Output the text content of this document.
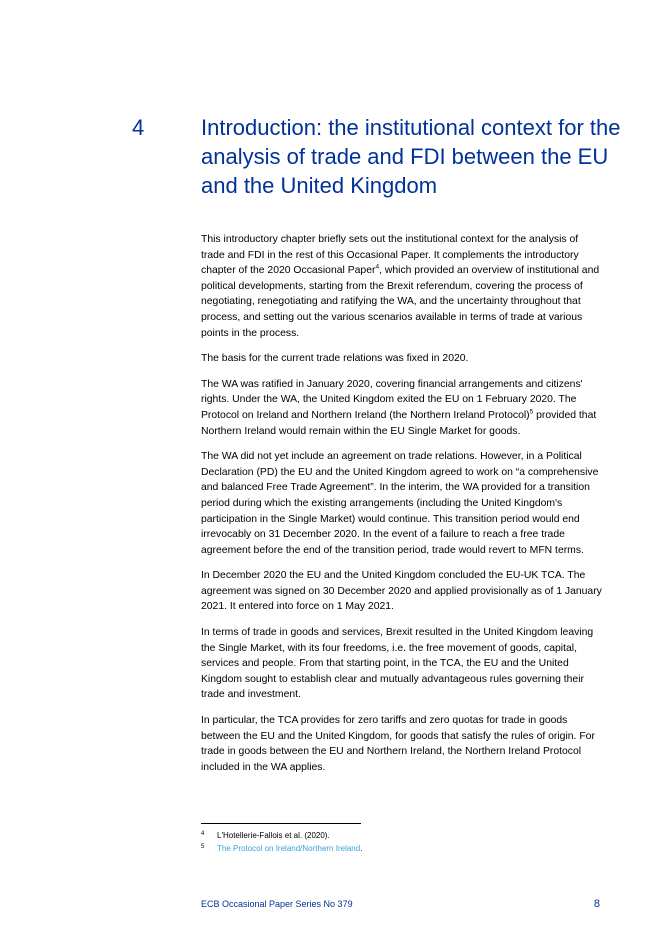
4	Introduction: the institutional context for the analysis of trade and FDI between the EU and the United Kingdom

This introductory chapter briefly sets out the institutional context for the analysis of trade and FDI in the rest of this Occasional Paper. It complements the introductory chapter of the 2020 Occasional Paper$^4$, which provided an overview of institutional and political developments, starting from the Brexit referendum, covering the process of negotiating, renegotiating and ratifying the WA, and the uncertainty throughout that process, and setting out the various scenarios available in terms of trade at various points in the process.

The basis for the current trade relations was fixed in 2020.

The WA was ratified in January 2020, covering financial arrangements and citizens' rights. Under the WA, the United Kingdom exited the EU on 1 February 2020. The Protocol on Ireland and Northern Ireland (the Northern Ireland Protocol)$^5$ provided that Northern Ireland would remain within the EU Single Market for goods.

The WA did not yet include an agreement on trade relations. However, in a Political Declaration (PD) the EU and the United Kingdom agreed to work on “a comprehensive and balanced Free Trade Agreement”. In the interim, the WA provided for a transition period during which the existing arrangements (including the United Kingdom's participation in the Single Market) would continue. This transition period would end irrevocably on 31 December 2020. In the event of a failure to reach a free trade agreement before the end of the transition period, trade would revert to MFN terms.

In December 2020 the EU and the United Kingdom concluded the EU-UK TCA. The agreement was signed on 30 December 2020 and applied provisionally as of 1 January 2021. It entered into force on 1 May 2021.

In terms of trade in goods and services, Brexit resulted in the United Kingdom leaving the Single Market, with its four freedoms, i.e. the free movement of goods, capital, services and people. From that starting point, in the TCA, the EU and the United Kingdom sought to establish clear and mutually advantageous rules governing their trade and investment.

In particular, the TCA provides for zero tariffs and zero quotas for trade in goods between the EU and the United Kingdom, for goods that satisfy the rules of origin. For trade in goods between the EU and Northern Ireland, the Northern Ireland Protocol included in the WA applies.

4 L'Hotellerie-Fallois et al. (2020).

5 The Protocol on Ireland/Northern Ireland.

ECB Occasional Paper Series No 379	8
